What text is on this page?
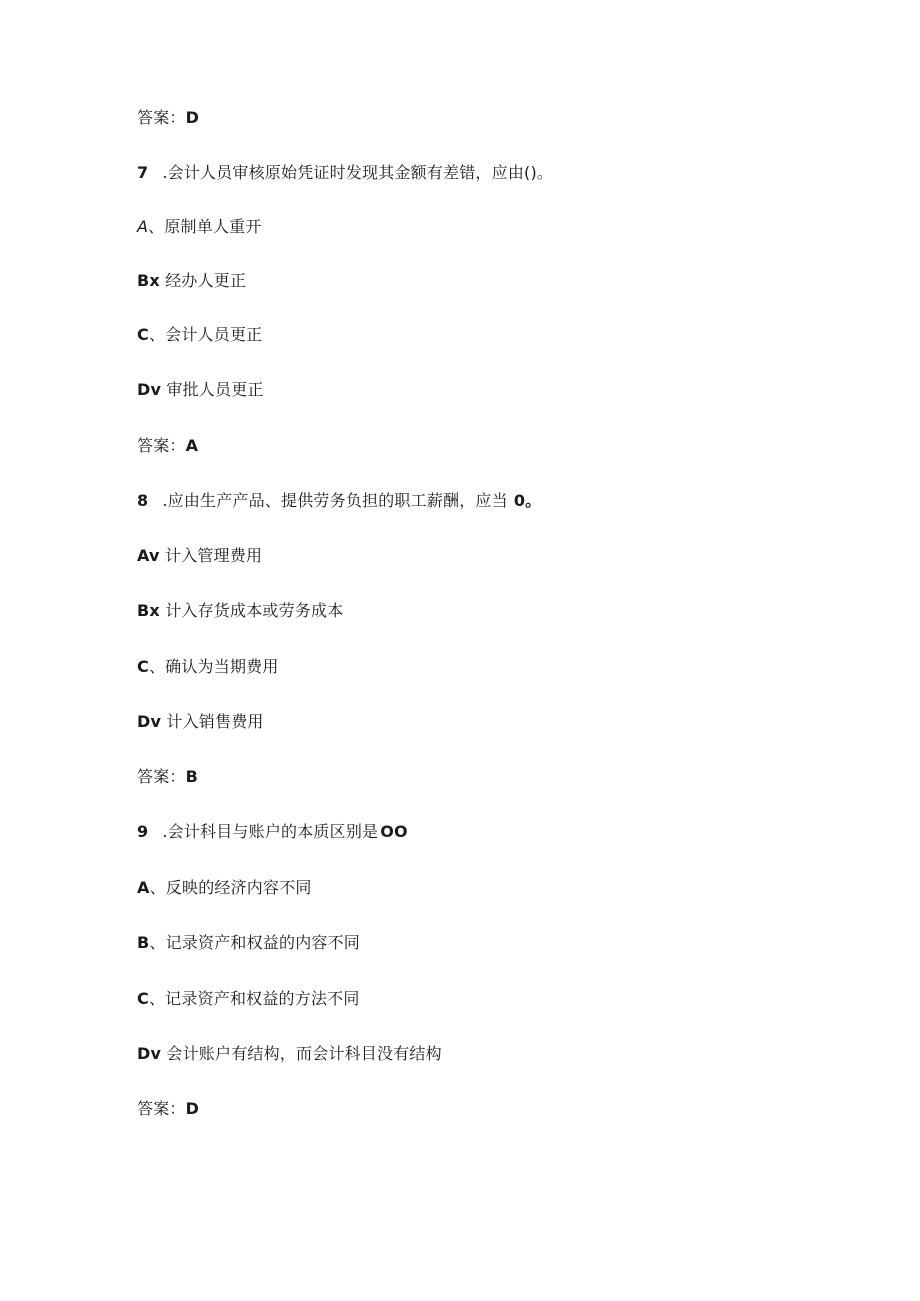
答案：D
7 .会计人员审核原始凭证时发现其金额有差错，应由()。
A、原制单人重开
Bx 经办人更正
C、会计人员更正
Dv 审批人员更正
答案：A
8 .应由生产产品、提供劳务负担的职工薪酬，应当 0。
Av 计入管理费用
Bx 计入存货成本或劳务成本
C、确认为当期费用
Dv 计入销售费用
答案：B
9 .会计科目与账户的本质区别是 OO
A、反映的经济内容不同
B、记录资产和权益的内容不同
C、记录资产和权益的方法不同
Dv 会计账户有结构，而会计科目没有结构
答案：D
